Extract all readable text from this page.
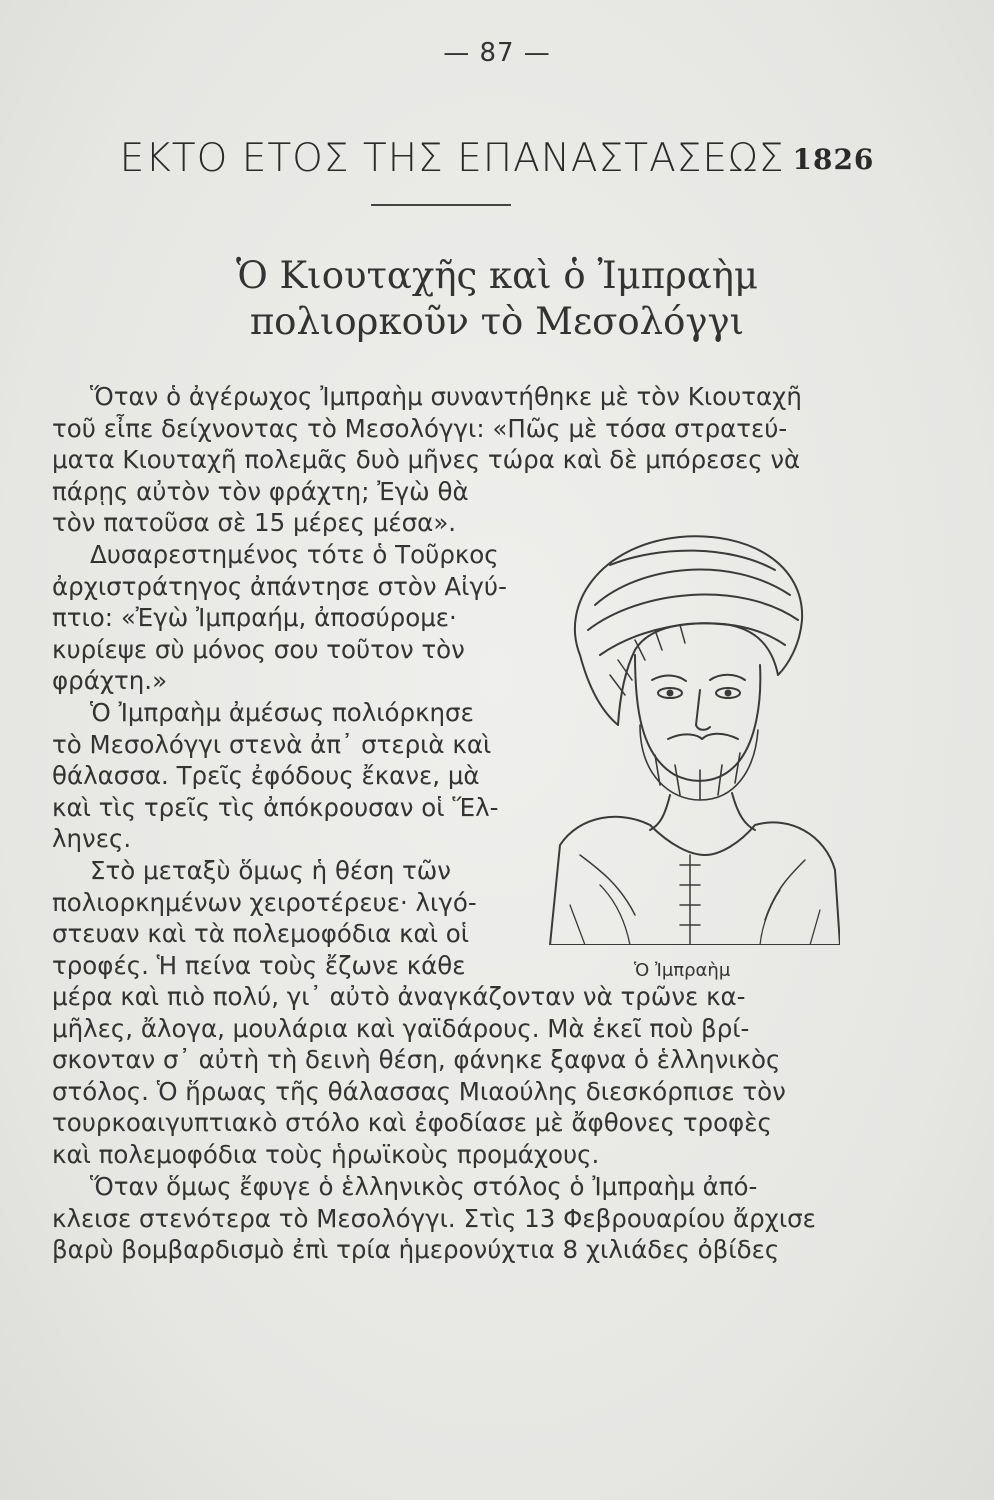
— 87 —
ΕΚΤΟ ΕΤΟΣ ΤΗΣ ΕΠΑΝΑΣΤΑΣΕΩΣ 1826
Ὁ Κιουταχῆς καὶ ὁ Ἰμπραὴμ
πολιορκοῦν τὸ Μεσολόγγι
Ὅταν ὁ ἀγέρωχος Ἰμπραὴμ συναντήθηκε μὲ τὸν Κιουταχῆ
τοῦ εἶπε δείχνοντας τὸ Μεσολόγγι: «Πῶς μὲ τόσα στρατεύ-
ματα Κιουταχῆ πολεμᾶς δυὸ μῆνες τώρα καὶ δὲ μπόρεσες νὰ
πάρῃς αὐτὸν τὸν φράχτη; Ἐγὼ θὰ
τὸν πατοῦσα σὲ 15 μέρες μέσα».
Δυσαρεστημένος τότε ὁ Τοῦρκος
ἀρχιστράτηγος ἀπάντησε στὸν Αἰγύ-
πτιο: «Ἐγὼ Ἰμπραήμ, ἀποσύρομε·
κυρίεψε σὺ μόνος σου τοῦτον τὸν
φράχτη.»
Ὁ Ἰμπραὴμ ἀμέσως πολιόρκησε
τὸ Μεσολόγγι στενὰ ἀπ᾽ στεριὰ καὶ
θάλασσα. Τρεῖς ἐφόδους ἔκανε, μὰ
καὶ τὶς τρεῖς τὶς ἀπόκρουσαν οἱ Ἕλ-
ληνες.
Στὸ μεταξὺ ὅμως ἡ θέση τῶν
πολιορκημένων χειροτέρευε· λιγό-
στευαν καὶ τὰ πολεμοφόδια καὶ οἱ
τροφές. Ἡ πείνα τοὺς ἔζωνε κάθε
μέρα καὶ πιὸ πολύ, γι᾽ αὐτὸ ἀναγκάζονταν νὰ τρῶνε κα-
μῆλες, ἄλογα, μουλάρια καὶ γαϊδάρους. Μὰ ἐκεῖ ποὺ βρί-
σκονταν σ᾽ αὐτὴ τὴ δεινὴ θέση, φάνηκε ξαφνα ὁ ἑλληνικὸς
στόλος. Ὁ ἥρωας τῆς θάλασσας Μιαούλης διεσκόρπισε τὸν
τουρκοαιγυπτιακὸ στόλο καὶ ἐφοδίασε μὲ ἄφθονες τροφὲς
καὶ πολεμοφόδια τοὺς ἡρωϊκοὺς προμάχους.
Ὅταν ὅμως ἔφυγε ὁ ἑλληνικὸς στόλος ὁ Ἰμπραὴμ ἀπό-
κλεισε στενότερα τὸ Μεσολόγγι. Στὶς 13 Φεβρουαρίου ἄρχισε
βαρὺ βομβαρδισμὸ ἐπὶ τρία ἡμερονύχτια 8 χιλιάδες ὀβίδες
Ὁ Ἰμπραὴμ
